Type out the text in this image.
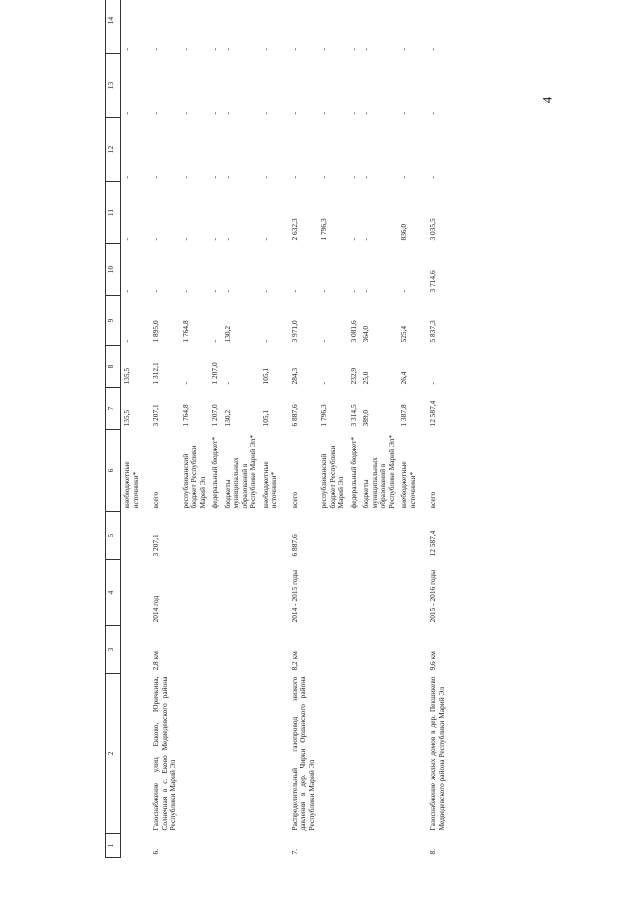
4
1	2	3	4	5	6	7	8	9	10	11	12	13	14
					внебюджетные источники*	135,5	135,5	-	-	-	-	-	-
6.	Газоснабжение улиц Екково, Юричкина, Солнечная в с. Еково Медведевского района Республики Марий Эл	2,8 км	2014 год	3 207,1	всего	3 207,1	1 312,1	1 895,0	-	-	-	-	-
					республиканский бюджет Республики Марий Эл	1 764,8	-	1 764,8	-	-	-	-	-
					федеральный бюджет*	1 207,0	1 207,0	-	-	-	-	-	-
					бюджеты муниципальных образований в Республике Марий Эл*	130,2	-	130,2	-	-	-	-	-
					внебюджетные источники*	105,1	105,1	-	-	-	-	-	-
7.	Распределительный газопровод низкого давления в дер. Чирки Оршанского района Республики Марий Эл	8,2 км	2014 - 2015 годы	6 887,6	всего	6 887,6	284,3	3 971,0	-	2 632,3	-	-	-
					республиканский бюджет Республики Марий Эл	1 796,3	-	-	-	1 796,3	-	-	-
					федеральный бюджет*	3 314,5	232,9	3 081,6	-	-	-	-	-
					бюджеты муниципальных образований в Республике Марий Эл*	389,0	25,0	364,0	-	-	-	-	-
					внебюджетные источники*	1 387,8	26,4	525,4	-	836,0	-	-	-
8.	Газоснабжение жилых домов в дер. Пекшикево Медведевского района Республики Марий Эл	9,6 км	2015 - 2016 годы	12 587,4	всего	12 587,4	-	5 837,3	3 714,6	3 035,5	-	-	-
